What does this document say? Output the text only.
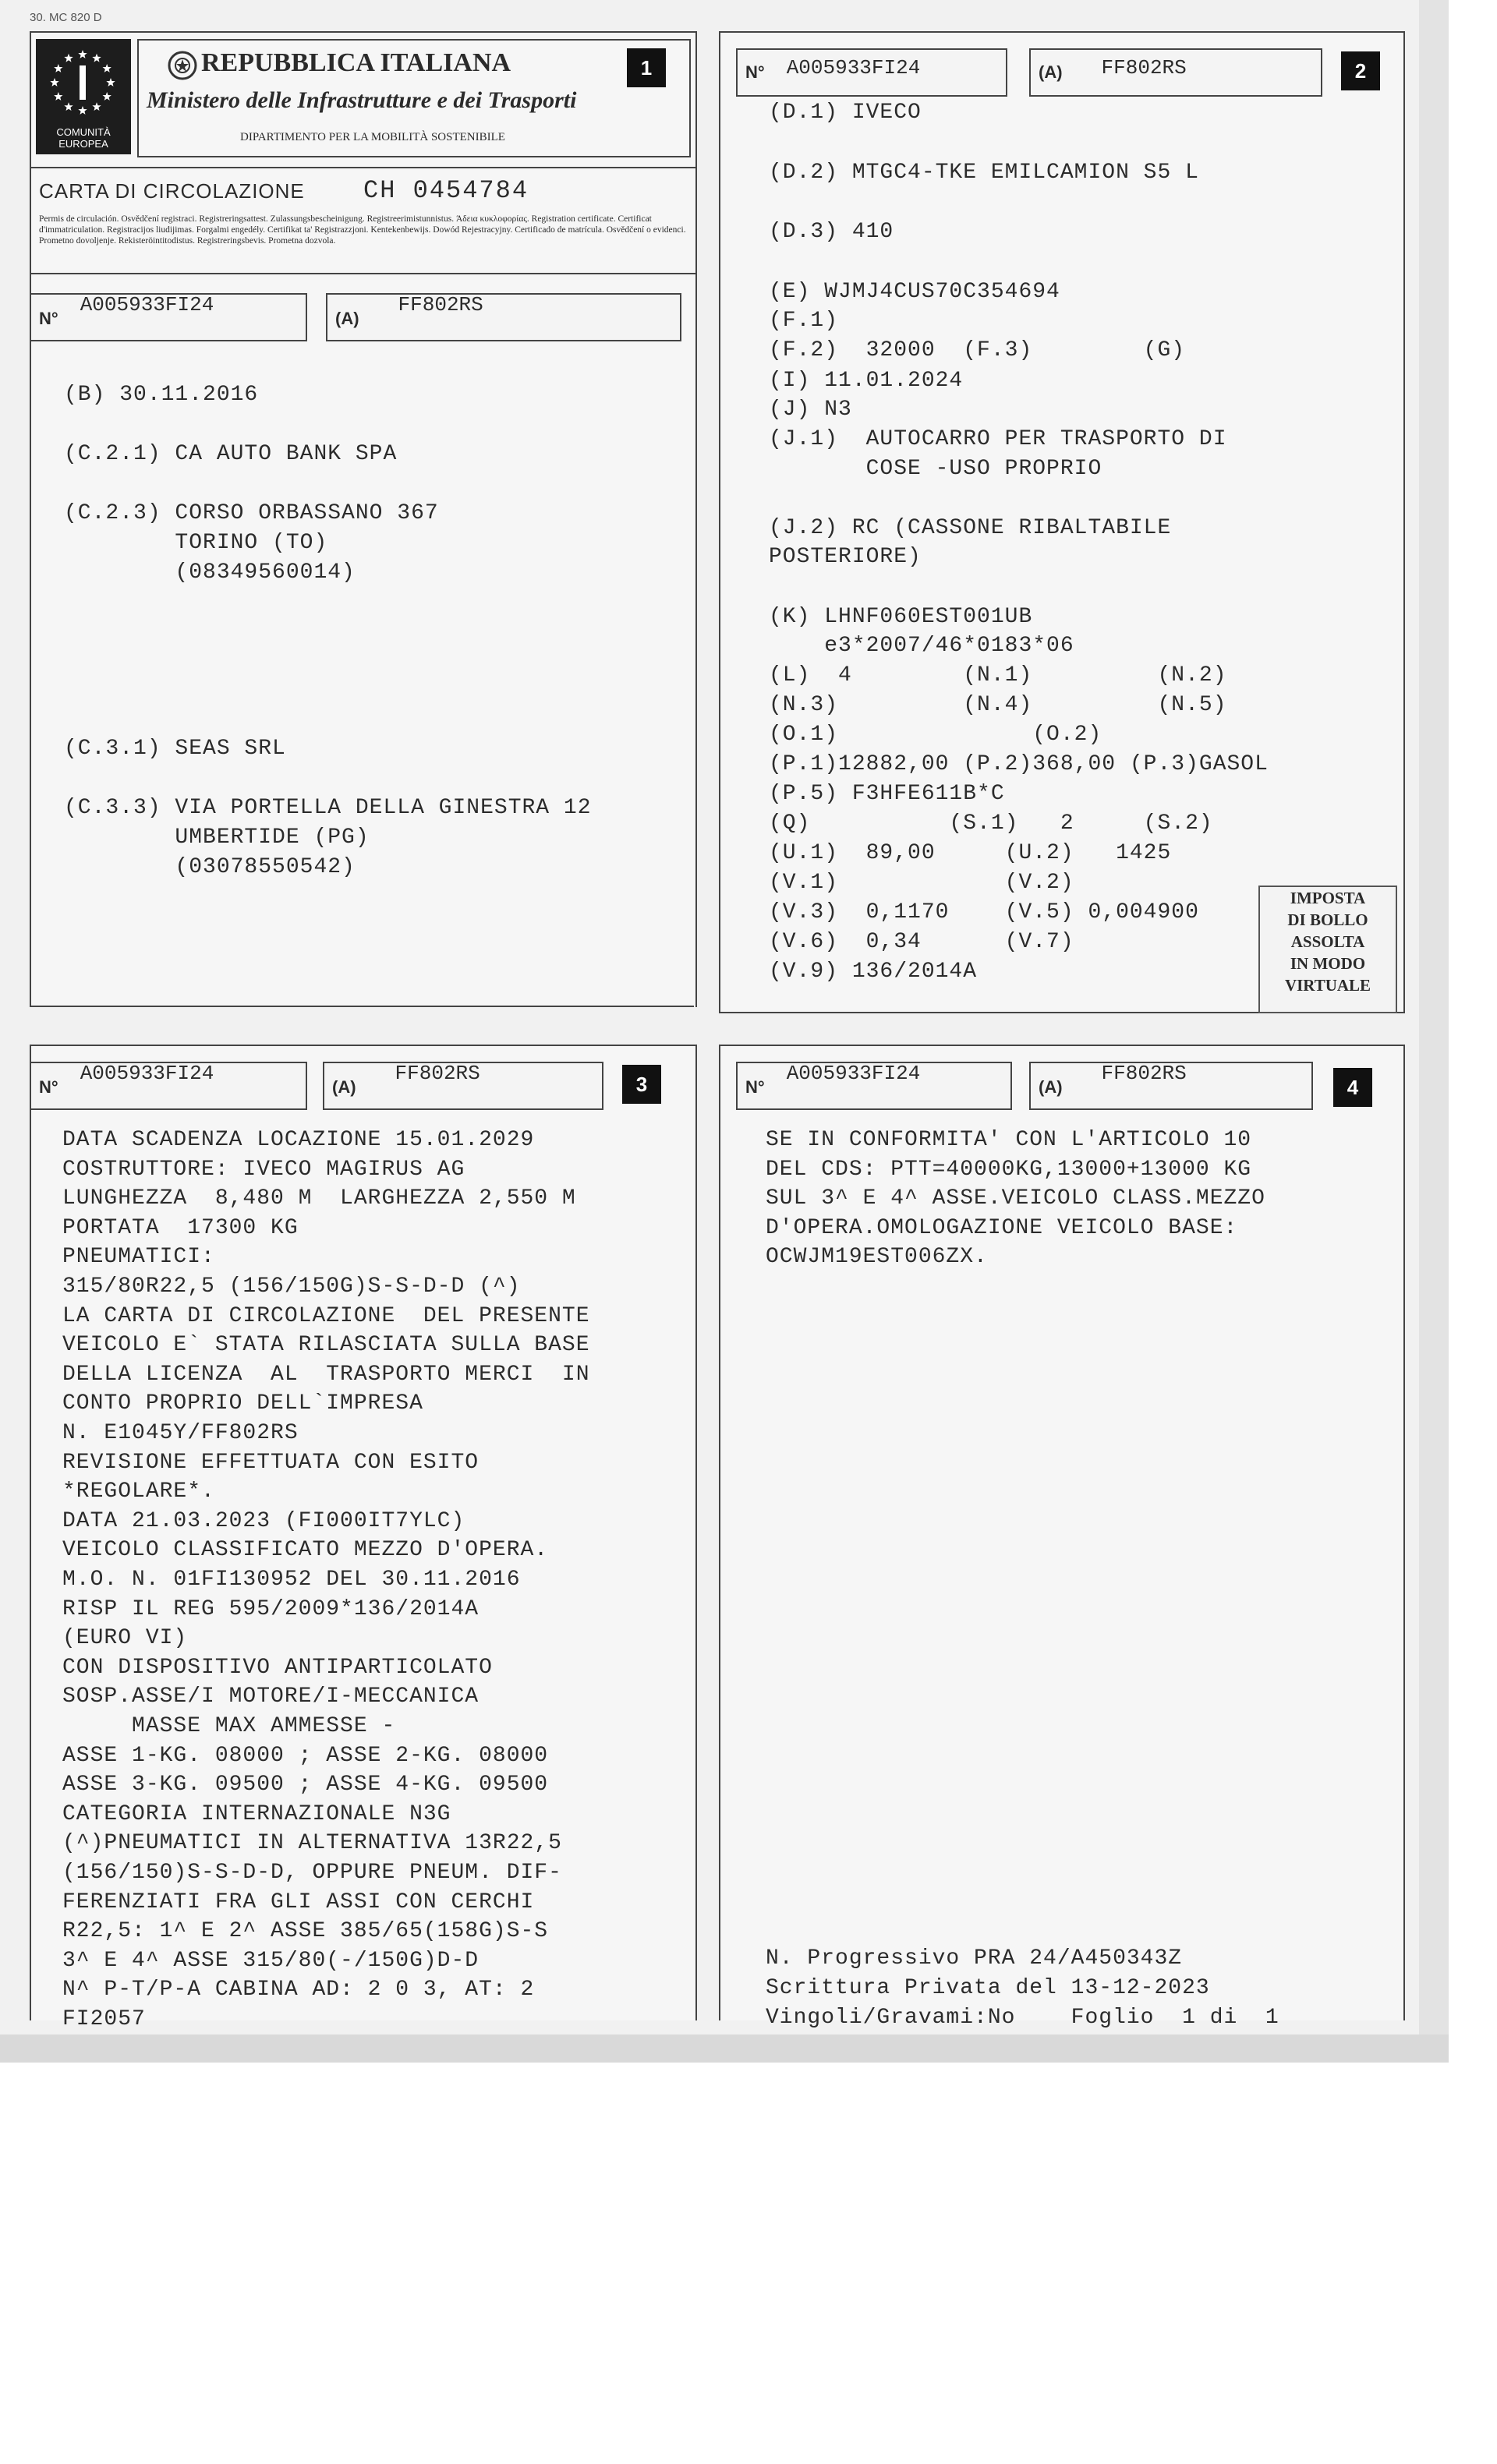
30. MC 820 D
COMUNITÀ
EUROPEA
REPUBBLICA ITALIANA
Ministero delle Infrastrutture e dei Trasporti
DIPARTIMENTO PER LA MOBILITÀ SOSTENIBILE
1
CARTA DI CIRCOLAZIONE CH 0454784
Permis de circulación. Osvědčení registraci. Registreringsattest. Zulassungsbescheinigung. Registreerimistunnistus. Άδεια κυκλοφορίας. Registration certificate. Certificat d'immatriculation. Registracijos liudijimas. Forgalmi engedély. Certifikat ta' Registrazzjoni. Kentekenbewijs. Dowód Rejestracyjny. Certificado de matrícula. Osvědčení o evidenci. Prometno dovoljenje. Rekisteröintitodistus. Registreringsbevis. Prometna dozvola.
N°
A005933FI24
(A)
FF802RS
(B) 30.11.2016
(C.2.1) CA AUTO BANK SPA
(C.2.3) CORSO ORBASSANO 367
TORINO (TO)
(08349560014)
(C.3.1) SEAS SRL
(C.3.3) VIA PORTELLA DELLA GINESTRA 12
UMBERTIDE (PG)
(03078550542)
N° A005933FI24	(A) FF802RS	2
(D.1) IVECO
(D.2) MTGC4-TKE EMILCAMION S5 L
(D.3) 410
(E) WJMJ4CUS70C354694
(F.1)
(F.2)  32000  (F.3)        (G)
(I) 11.01.2024
(J) N3
(J.1)  AUTOCARRO PER TRASPORTO DI
COSE -USO PROPRIO
(J.2) RC (CASSONE RIBALTABILE
POSTERIORE)
(K) LHNF060EST001UB
e3*2007/46*0183*06
(L)  4        (N.1)         (N.2)
(N.3)         (N.4)         (N.5)
(O.1)              (O.2)
(P.1)12882,00 (P.2)368,00 (P.3)GASOL
(P.5) F3HFE611B*C
(Q)          (S.1)   2     (S.2)
(U.1)  89,00     (U.2)   1425
(V.1)            (V.2)
(V.3)  0,1170    (V.5) 0,004900
(V.6)  0,34      (V.7)
(V.9) 136/2014A
IMPOSTA
DI BOLLO
ASSOLTA
IN MODO
VIRTUALE
N°
A005933FI24
(A)
FF802RS	3
DATA SCADENZA LOCAZIONE 15.01.2029
COSTRUTTORE: IVECO MAGIRUS AG
LUNGHEZZA  8,480 M  LARGHEZZA 2,550 M
PORTATA  17300 KG
PNEUMATICI:
315/80R22,5 (156/150G)S-S-D-D (^)
LA CARTA DI CIRCOLAZIONE  DEL PRESENTE
VEICOLO E` STATA RILASCIATA SULLA BASE
DELLA LICENZA  AL  TRASPORTO MERCI  IN
CONTO PROPRIO DELL`IMPRESA
N. E1045Y/FF802RS
REVISIONE EFFETTUATA CON ESITO
*REGOLARE*.
DATA 21.03.2023 (FI000IT7YLC)
VEICOLO CLASSIFICATO MEZZO D'OPERA.
M.O. N. 01FI130952 DEL 30.11.2016
RISP IL REG 595/2009*136/2014A
(EURO VI)
CON DISPOSITIVO ANTIPARTICOLATO
SOSP.ASSE/I MOTORE/I-MECCANICA
MASSE MAX AMMESSE -
ASSE 1-KG. 08000 ; ASSE 2-KG. 08000
ASSE 3-KG. 09500 ; ASSE 4-KG. 09500
CATEGORIA INTERNAZIONALE N3G
(^)PNEUMATICI IN ALTERNATIVA 13R22,5
(156/150)S-S-D-D, OPPURE PNEUM. DIF-
FERENZIATI FRA GLI ASSI CON CERCHI
R22,5: 1^ E 2^ ASSE 385/65(158G)S-S
3^ E 4^ ASSE 315/80(-/150G)D-D
N^ P-T/P-A CABINA AD: 2 0 3, AT: 2
FI2057
N°
A005933FI24
(A)
FF802RS
4
SE IN CONFORMITA' CON L'ARTICOLO 10
DEL CDS: PTT=40000KG,13000+13000 KG
SUL 3^ E 4^ ASSE.VEICOLO CLASS.MEZZO
D'OPERA.OMOLOGAZIONE VEICOLO BASE:
OCWJM19EST006ZX.
N. Progressivo PRA 24/A450343Z
Scrittura Privata del 13-12-2023
Vingoli/Gravami:No    Foglio  1 di  1
